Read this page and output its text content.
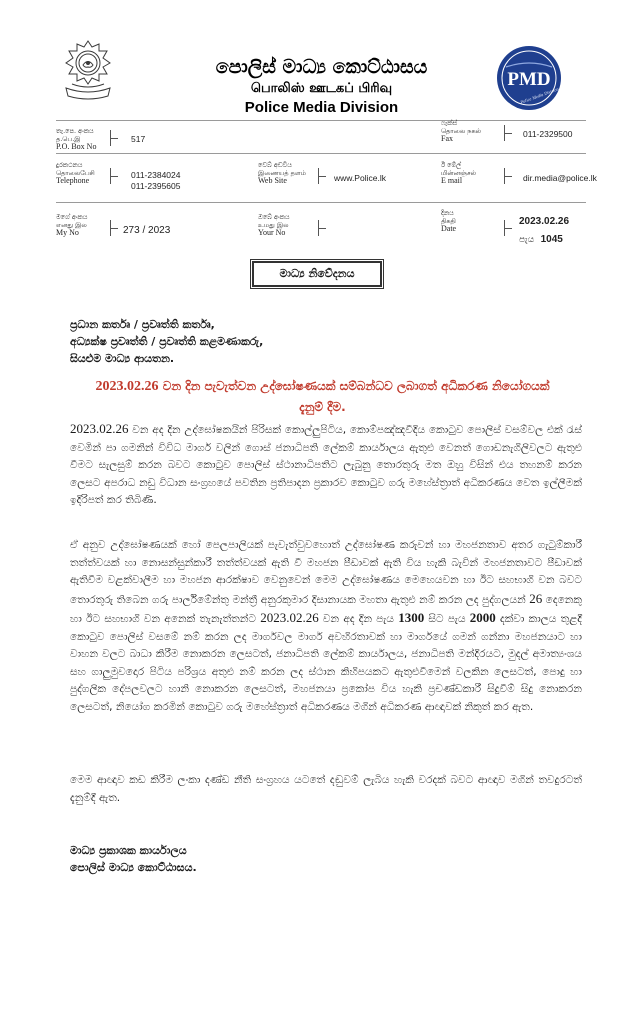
පොලිස් මාධ්‍ය කොට්ඨාසය
பொலிஸ் ஊடகப் பிரிவு
Police Media Division
PMD
Police Media Division
තැ.පෙ. අංකය
த.பெ.இ
P.O. Box No
517
ෆැක්ස්
தொலை நகல்
Fax	011-2329500
දුරකථනය
தொலைபேசி
Telephone
011-2384024
011-2395605
වෙබ් අඩවිය
இணையத் தளம்
Web Site	www.Police.lk
ඊ මේල්
மின்னஞ்சல்
E mail	dir.media@police.lk
මගේ අංකය
எனது இல
My No	273 / 2023
ඔබේ අංකය
உமது இல
Your No
දිනය
திகதி
Date
2023.02.26
පැය 1045
මාධ්‍ය නිවේදනය
ප්‍රධාන කර්තෘ / ප්‍රවෘත්ති කර්තෘ,
අධ්‍යක්ෂ ප්‍රවෘත්ති / ප්‍රවෘත්ති කළමණාකරු,
සියළුම මාධ්‍ය ආයතන.
2023.02.26 වන දින පැවැත්වන උද්ඝෝෂණයක් සම්බන්ධව ලබාගත් අධිකරණ නියෝගයක්
දැනුම් දීම.
2023.02.26 වන අද දින උද්ඝෝෂකයින් පිරිසක් කොල්ලුපිටිය, කොම්පඤ්ඤවීදිය කොටුව පොලිස් වසම්වල එක් රැස් වෙමින් පා ගමනින් විවිධ මාර්ග වලින් ගොස් ජනාධිපති ලේකම් කාර්යාලය ඇතුළු වෙනත් ගොඩනැගිලිවලට ඇතුළු වීමට සැලසුම් කරන බවට කොටුව පොලිස් ස්ථානාධිපතිට ලැබුනු තොරතුරු මත ඔහු විසින් එය තහනම් කරන ලෙසට අපරාධ නඩු විධාන සංග්‍රහයේ පවතින ප්‍රතිපාදන ප්‍රකාරව කොටුව ගරු මහේස්ත්‍රාත් අධිකරණය වෙත ඉල්ලීමක් ඉදිරිපත් කර තිබිණි.
ඒ අනුව උද්ඝෝෂණයක් හෝ පෙලපාලියක් පැවැත්වුවහොත් උද්ඝෝෂණ කරුවන් හා මහජනතාව අතර ගැටුම්කාරී තත්ත්වයක් හා නොසන්සුන්කාරී තත්ත්වයක් ඇති වී මහජන පීඩාවක් ඇති විය හැකි බැවින් මහජනතාවට පීඩාවක් ඇතිවීම වළක්වාලීම හා මහජන ආරක්ෂාව වෙනුවෙන් මෙම උද්ඝෝෂණය මෙහෙයවන හා ඊට සහභාගි වන බවට තොරතුරු තිබෙන ගරු පාර්ලිමේන්තු මන්ත්‍රී අනුරකුමාර දිසානායක මහතා ඇතුළු නම් කරන ලද පුද්ගලයන් 26 දෙනෙකු හා ඊට සහභාගි වන අනෙක් තැනැත්තන්ට 2023.02.26 වන අද දින පැය 1300 සිට පැය 2000 දක්වා කාලය තුළදී කොටුව පොලිස් වසමේ නම් කරන ලද මාර්ගවල මාර්ග අවහිරතාවක් හා මාර්ගයේ ගමන් ගන්නා මහජනයාට හා වාහන වලට බාධා කිරීම නොකරන ලෙසටත්, ජනාධිපති ලේකම් කාර්යාලය, ජනාධිපති මන්දිරයට, මුදල් අමාත්‍යංශය සහ ගාලුමුවදොර පිටිය පරිශ්‍රය අතුළු නම් කරන ලද ස්ථාන කිහිපයකට ඇතුළුවීමෙන් වලකින ලෙසටත්, පොදු හා පුද්ගලික දේපලවලට හානි නොකරන ලෙසටත්, මහජනයා ප්‍රකෝප විය හැකි ප්‍රචණ්ඩකාරී සිදුවීම් සිදු නොකරන ලෙසටත්, නියෝග කරමින් කොටුව ගරු මහේස්ත්‍රාත් අධිකරණය මගින් අධිකරණ ආඥාවක් නිකුත් කර ඇත.
මෙම ආඥාව කඩ කිරීම ලංකා දණ්ඩ නීති සංග්‍රහය යටතේ දඬුවම් ලැබිය හැකි වරදක් බවට ආඥාව මගින් තවදුරටත් දැනුම්දී ඇත.
මාධ්‍ය ප්‍රකාශක කාර්යාලය
පොලිස් මාධ්‍ය කොට්ඨාසය.
